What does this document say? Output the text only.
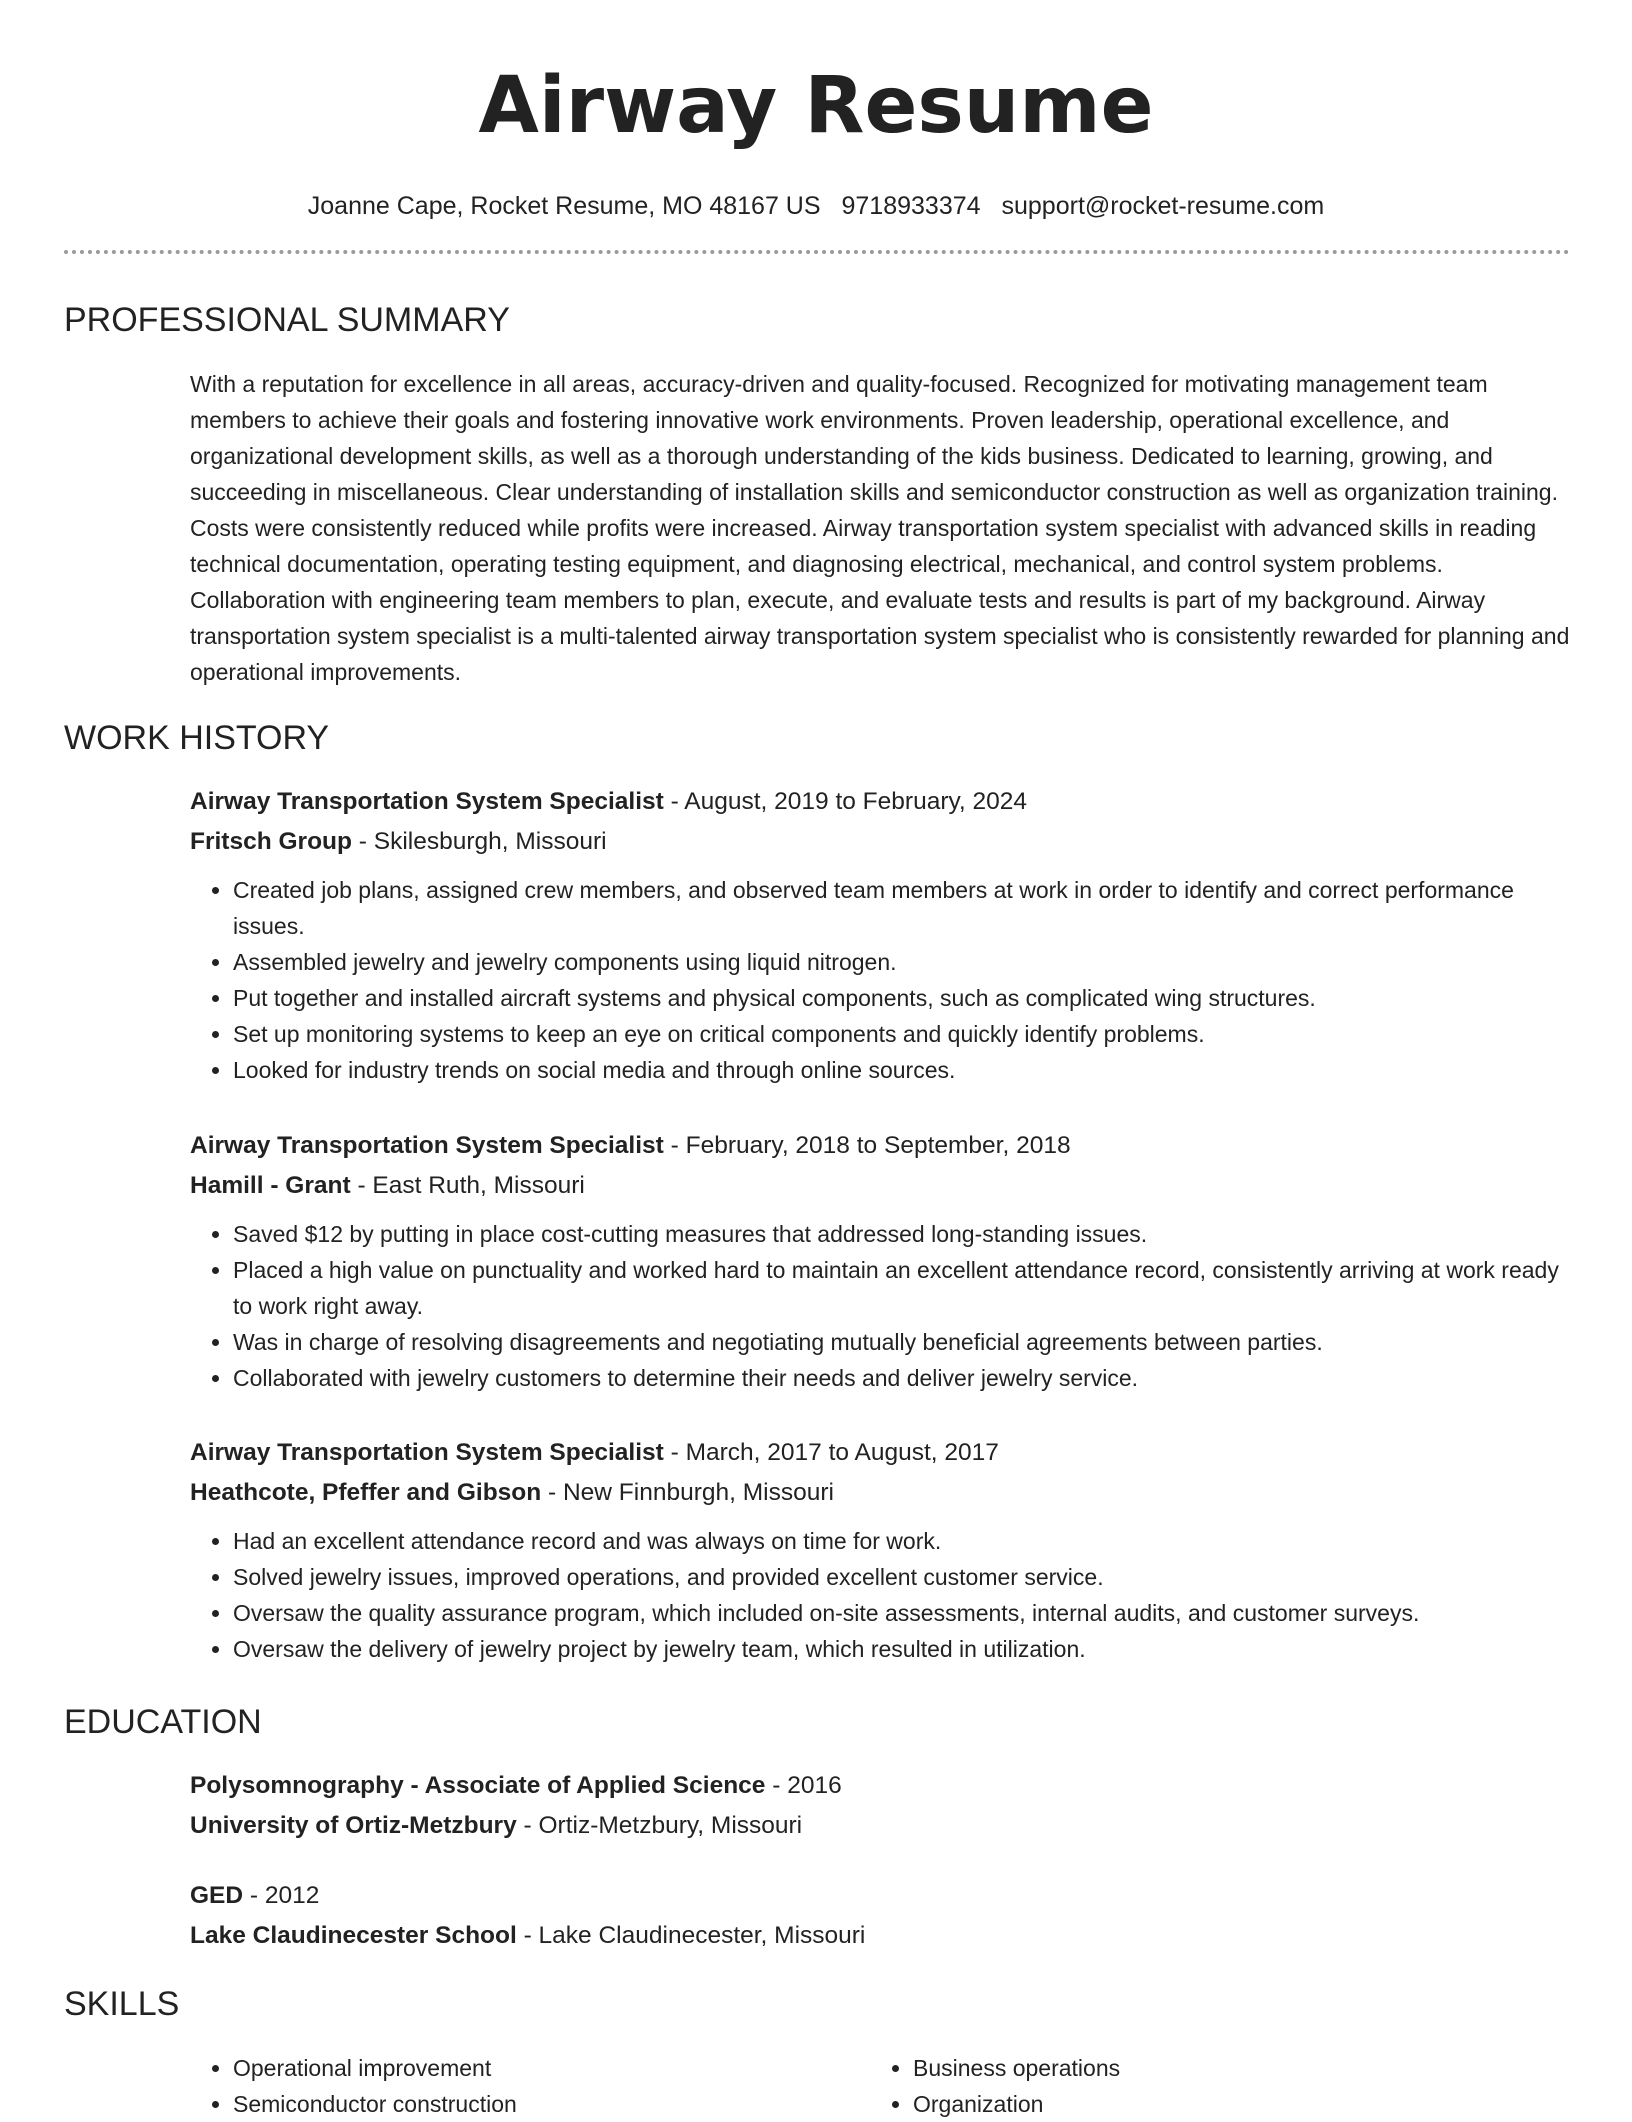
Airway Resume
Joanne Cape, Rocket Resume, MO 48167 US 9718933374 support@rocket-resume.com
PROFESSIONAL SUMMARY

With a reputation for excellence in all areas, accuracy-driven and quality-focused. Recognized for motivating management team members to achieve their goals and fostering innovative work environments. Proven leadership, operational excellence, and organizational development skills, as well as a thorough understanding of the kids business. Dedicated to learning, growing, and succeeding in miscellaneous. Clear understanding of installation skills and semiconductor construction as well as organization training. Costs were consistently reduced while profits were increased. Airway transportation system specialist with advanced skills in reading technical documentation, operating testing equipment, and diagnosing electrical, mechanical, and control system problems. Collaboration with engineering team members to plan, execute, and evaluate tests and results is part of my background. Airway transportation system specialist is a multi-talented airway transportation system specialist who is consistently rewarded for planning and operational improvements.

WORK HISTORY
Airway Transportation System Specialist - August, 2019 to February, 2024
Fritsch Group - Skilesburgh, Missouri
• Created job plans, assigned crew members, and observed team members at work in order to identify and correct performance issues.
• Assembled jewelry and jewelry components using liquid nitrogen.
• Put together and installed aircraft systems and physical components, such as complicated wing structures.
• Set up monitoring systems to keep an eye on critical components and quickly identify problems.
• Looked for industry trends on social media and through online sources.
Airway Transportation System Specialist - February, 2018 to September, 2018
Hamill - Grant - East Ruth, Missouri
• Saved $12 by putting in place cost-cutting measures that addressed long-standing issues.
• Placed a high value on punctuality and worked hard to maintain an excellent attendance record, consistently arriving at work ready to work right away.
• Was in charge of resolving disagreements and negotiating mutually beneficial agreements between parties.
• Collaborated with jewelry customers to determine their needs and deliver jewelry service.
Airway Transportation System Specialist - March, 2017 to August, 2017
Heathcote, Pfeffer and Gibson - New Finnburgh, Missouri
• Had an excellent attendance record and was always on time for work.
• Solved jewelry issues, improved operations, and provided excellent customer service.
• Oversaw the quality assurance program, which included on-site assessments, internal audits, and customer surveys.
• Oversaw the delivery of jewelry project by jewelry team, which resulted in utilization.
EDUCATION
Polysomnography - Associate of Applied Science - 2016
University of Ortiz-Metzbury - Ortiz-Metzbury, Missouri
GED - 2012
Lake Claudinecester School - Lake Claudinecester, Missouri
SKILLS
• Operational improvement
• Semiconductor construction
• Business operations
• Organization
